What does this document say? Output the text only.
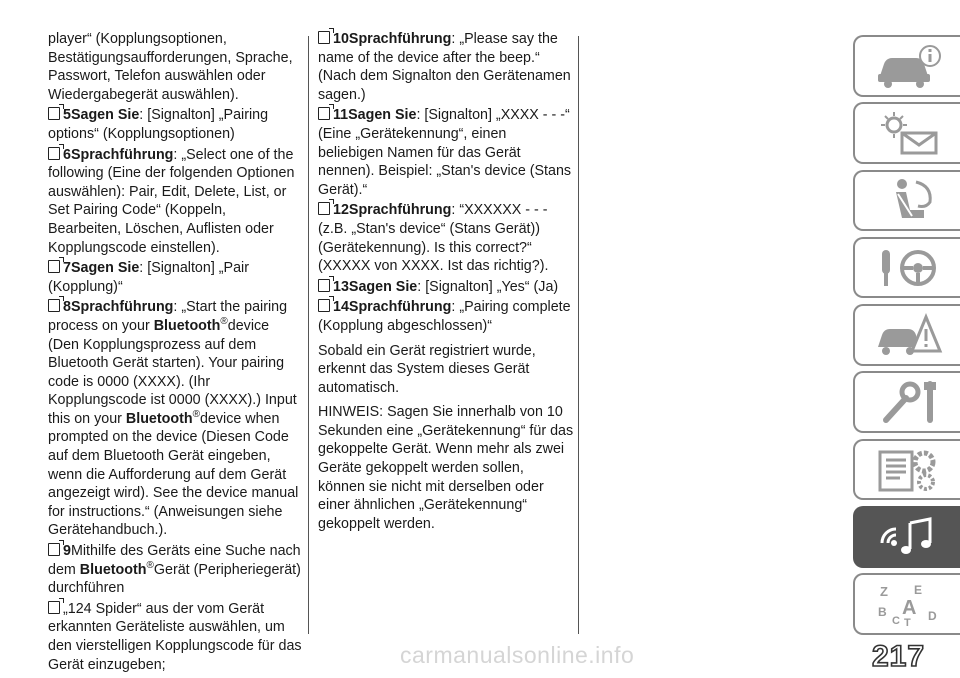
player“ (Kopplungsoptionen, Bestätigungsaufforderungen, Sprache, Passwort, Telefon auswählen oder Wiedergabegerät auswählen).

5Sagen Sie: [Signalton] „Pairing options“ (Kopplungsoptionen)

6Sprachführung: „Select one of the following (Eine der folgenden Optionen auswählen): Pair, Edit, Delete, List, or Set Pairing Code“ (Koppeln, Bearbeiten, Löschen, Auflisten oder Kopplungscode einstellen).

7Sagen Sie: [Signalton] „Pair (Kopplung)“

8Sprachführung: „Start the pairing process on your Bluetooth®device (Den Kopplungsprozess auf dem Bluetooth Gerät starten). Your pairing code is 0000 (XXXX). (Ihr Kopplungscode ist 0000 (XXXX).) Input this on your Bluetooth®device when prompted on the device (Diesen Code auf dem Bluetooth Gerät eingeben, wenn die Aufforderung auf dem Gerät angezeigt wird). See the device manual for instructions.“ (Anweisungen siehe Gerätehandbuch.).

9Mithilfe des Geräts eine Suche nach dem Bluetooth®Gerät (Peripheriegerät) durchführen

„124 Spider“ aus der vom Gerät erkannten Geräteliste auswählen, um den vierstelligen Kopplungscode für das Gerät einzugeben;

10Sprachführung: „Please say the name of the device after the beep.“ (Nach dem Signalton den Gerätenamen sagen.)

11Sagen Sie: [Signalton] „XXXX - - -“ (Eine „Gerätekennung“, einen beliebigen Namen für das Gerät nennen). Beispiel: „Stan's device (Stans Gerät).“

12Sprachführung: “XXXXXX - - - (z.B. „Stan's device“ (Stans Gerät)) (Gerätekennung). Is this correct?“ (XXXXX von XXXX. Ist das richtig?).

13Sagen Sie: [Signalton] „Yes“ (Ja)

14Sprachführung: „Pairing complete (Kopplung abgeschlossen)“

Sobald ein Gerät registriert wurde, erkennt das System dieses Gerät automatisch.

HINWEIS: Sagen Sie innerhalb von 10 Sekunden eine „Gerätekennung“ für das gekoppelte Gerät. Wenn mehr als zwei Geräte gekoppelt werden sollen, können sie nicht mit derselben oder einer ähnlichen „Gerätekennung“ gekoppelt werden.

Z E
B A D
C T
217
carmanualsonline.info
